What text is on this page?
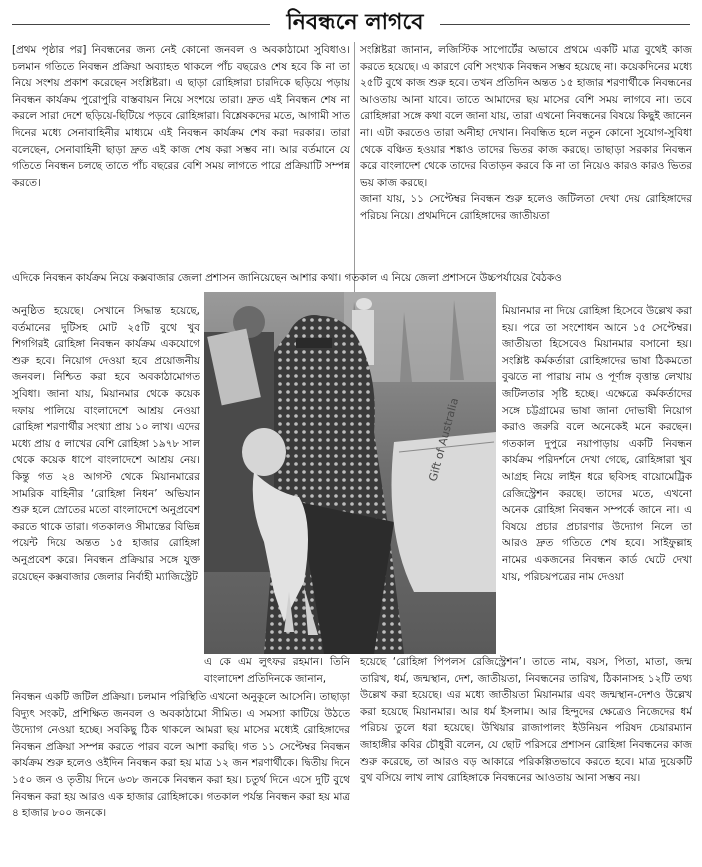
নিবন্ধনে লাগবে

[প্রথম পৃষ্ঠার পর] নিবন্ধনের জন্য নেই কোনো জনবল ও অবকাঠামো সুবিধাও। চলমান গতিতে নিবন্ধন প্রক্রিয়া অব্যাহত থাকলে পাঁচ বছরেও শেষ হবে কি না তা নিয়ে সংশয় প্রকাশ করেছেন সংশ্লিষ্টরা। এ ছাড়া রোহিঙ্গারা চারদিকে ছড়িয়ে পড়ায় নিবন্ধন কার্যক্রম পুরোপুরি বাস্তবায়ন নিয়ে সংশয়ে তারা। দ্রুত এই নিবন্ধন শেষ না করলে সারা দেশে ছড়িয়ে-ছিটিয়ে পড়বে রোহিঙ্গারা। বিশ্লেষকদের মতে, আগামী সাত দিনের মধ্যে সেনাবাহিনীর মাধ্যমে এই নিবন্ধন কার্যক্রম শেষ করা দরকার। তারা বলেছেন, সেনাবাহিনী ছাড়া দ্রুত এই কাজ শেষ করা সম্ভব না। আর বর্তমানে যে গতিতে নিবন্ধন চলছে তাতে পাঁচ বছরের বেশি সময় লাগতে পারে প্রক্রিয়াটি সম্পন্ন করতে।

সংশ্লিষ্টরা জানান, লজিস্টিক সাপোর্টের অভাবে প্রথমে একটি মাত্র বুথেই কাজ করতে হয়েছে। এ কারণে বেশি সংখ্যক নিবন্ধন সম্ভব হয়েছে না। কয়েকদিনের মধ্যে ২৫টি বুথে কাজ শুরু হবে। তখন প্রতিদিন অন্তত ১৫ হাজার শরণার্থীকে নিবন্ধনের আওতায় আনা যাবে। তাতে আমাদের ছয় মাসের বেশি সময় লাগবে না। তবে রোহিঙ্গারা সঙ্গে কথা বলে জানা যায়, তারা এখনো নিবন্ধনের বিষয়ে কিছুই জানেন না। এটা করতেও তারা অনীহা দেখান। নিবন্ধিত হলে নতুন কোনো সুযোগ-সুবিধা থেকে বঞ্চিত হওয়ার শঙ্কাও তাদের ভিতর কাজ করছে। তাছাড়া সরকার নিবন্ধন করে বাংলাদেশ থেকে তাদের বিতাড়ন করবে কি না তা নিয়েও কারও কারও ভিতর ভয় কাজ করছে।

জানা যায়, ১১ সেপ্টেম্বর নিবন্ধন শুরু হলেও জটিলতা দেখা দেয় রোহিঙ্গাদের পরিচয় নিয়ে। প্রথমদিনে রোহিঙ্গাদের জাতীয়তা

এদিকে নিবন্ধন কার্যক্রম নিয়ে কক্সবাজার জেলা প্রশাসন জানিয়েছেন আশার কথা। গতকাল এ নিয়ে জেলা প্রশাসনে উচ্চপর্যায়ের বৈঠকও

অনুষ্ঠিত হয়েছে। সেখানে সিদ্ধান্ত হয়েছে, বর্তমানের দুটিসহ মোট ২৫টি বুথে খুব শিগগিরই রোহিঙ্গা নিবন্ধন কার্যক্রম একযোগে শুরু হবে। নিয়োগ দেওয়া হবে প্রয়োজনীয় জনবল। নিশ্চিত করা হবে অবকাঠামোগত সুবিধা। জানা যায়, মিয়ানমার থেকে কয়েক দফায় পালিয়ে বাংলাদেশে আশ্রয় নেওয়া রোহিঙ্গা শরণার্থীর সংখ্যা প্রায় ১০ লাখ। এদের মধ্যে প্রায় ৫ লাখের বেশি রোহিঙ্গা ১৯৭৮ সাল থেকে কয়েক ধাপে বাংলাদেশে আশ্রয় নেয়। কিন্তু গত ২৪ আগস্ট থেকে মিয়ানমারের সামরিক বাহিনীর ‘রোহিঙ্গা নিধন’ অভিযান শুরু হলে স্রোতের মতো বাংলাদেশে অনুপ্রবেশ করতে থাকে তারা। গতকালও সীমান্তের বিভিন্ন পয়েন্ট দিয়ে অন্তত ১৫ হাজার রোহিঙ্গা অনুপ্রবেশ করে। নিবন্ধন প্রক্রিয়ার সঙ্গে যুক্ত রয়েছেন কক্সবাজার জেলার নির্বাহী ম্যাজিস্ট্রেট

Gift of Australia

মিয়ানমার না দিয়ে রোহিঙ্গা হিসেবে উল্লেখ করা হয়। পরে তা সংশোধন আনে ১৫ সেপ্টেম্বর। জাতীয়তা হিসেবেও মিয়ানমার বসানো হয়। সংশ্লিষ্ট কর্মকর্তারা রোহিঙ্গাদের ভাষা ঠিকমতো বুঝতে না পারায় নাম ও পূর্ণাঙ্গ বৃত্তান্ত লেখায় জটিলতার সৃষ্টি হচ্ছে। এক্ষেত্রে কর্মকর্তাদের সঙ্গে চট্টগ্রামের ভাষা জানা দোভাষী নিয়োগ করাও জরুরি বলে অনেকেই মনে করছেন। গতকাল দুপুরে নয়াপাড়ায় একটি নিবন্ধন কার্যক্রম পরিদর্শনে দেখা গেছে, রোহিঙ্গারা খুব আগ্রহ নিয়ে লাইন ধরে ছবিসহ বায়োমেট্রিক রেজিস্ট্রেশন করছে। তাদের মতে, এখনো অনেক রোহিঙ্গা নিবন্ধন সম্পর্কে জানে না। এ বিষয়ে প্রচার প্রচারণার উদ্যোগ নিলে তা আরও দ্রুত গতিতে শেষ হবে। সাইফুল্লাহ নামের একজনের নিবন্ধন কার্ড ঘেটে দেখা যায়, পরিচয়পত্রের নাম দেওয়া

এ কে এম লুৎফর রহমান। তিনি বাংলাদেশ প্রতিদিনকে জানান,

নিবন্ধন একটি জটিল প্রক্রিয়া। চলমান পরিস্থিতি এখনো অনুকূলে আসেনি। তাছাড়া বিদ্যুৎ সংকট, প্রশিক্ষিত জনবল ও অবকাঠামো সীমিত। এ সমস্যা কাটিয়ে উঠতে উদ্যোগ নেওয়া হচ্ছে। সবকিছু ঠিক থাকলে আমরা ছয় মাসের মধ্যেই রোহিঙ্গাদের নিবন্ধন প্রক্রিয়া সম্পন্ন করতে পারব বলে আশা করছি। গত ১১ সেপ্টেম্বর নিবন্ধন কার্যক্রম শুরু হলেও ওইদিন নিবন্ধন করা হয় মাত্র ১২ জন শরণার্থীকে। দ্বিতীয় দিনে ১৫০ জন ও তৃতীয় দিনে ৬৩৮ জনকে নিবন্ধন করা হয়। চতুর্থ দিনে এসে দুটি বুথে নিবন্ধন করা হয় আরও এক হাজার রোহিঙ্গাকে। গতকাল পর্যন্ত নিবন্ধন করা হয় মাত্র ৪ হাজার ৮০০ জনকে।

হয়েছে ‘রোহিঙ্গা পিপলস রেজিস্ট্রেশন’। তাতে নাম, বয়স, পিতা, মাতা, জন্ম তারিখ, ধর্ম, জন্মস্থান, দেশ, জাতীয়তা, নিবন্ধনের তারিখ, ঠিকানাসহ ১২টি তথ্য উল্লেখ করা হয়েছে। এর মধ্যে জাতীয়তা মিয়ানমার এবং জন্মস্থান-দেশও উল্লেখ করা হয়েছে মিয়ানমার। আর ধর্ম ইসলাম। আর হিন্দুদের ক্ষেত্রেও নিজেদের ধর্ম পরিচয় তুলে ধরা হয়েছে। উখিয়ার রাজাপালং ইউনিয়ন পরিষদ চেয়ারম্যান জাহাঙ্গীর কবির চৌধুরী বলেন, যে ছোট পরিসরে প্রশাসন রোহিঙ্গা নিবন্ধনের কাজ শুরু করেছে, তা আরও বড় আকারে পরিকল্পিতভাবে করতে হবে। মাত্র দুয়েকটি বুথ বসিয়ে লাখ লাখ রোহিঙ্গাকে নিবন্ধনের আওতায় আনা সম্ভব নয়।
